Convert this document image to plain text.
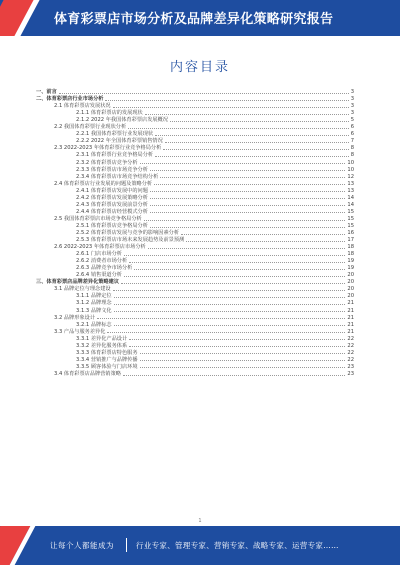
体育彩票店市场分析及品牌差异化策略研究报告
内容目录
一、前言	3
二、体育彩票店行业市场分析	3
2.1 体育彩票店发展状况	3
2.1.1 体育彩票店的发展现状	3
2.1.2 2022 年我国体育彩票店发展概况	5
2.2 我国体育彩票行业现状分析	6
2.2.1 我国体育彩票行业发展现状	6
2.2.2 2022 年全国体育彩票销售情况	7
2.3 2022-2023 年体育彩票行业竞争格局分析	8
2.3.1 体育彩票行业竞争格局分析	8
2.3.2 体育彩票店竞争分析	10
2.3.3 体育彩票店市场竞争分析	10
2.3.4 体育彩票店市场竞争结构分析	12
2.4 体育彩票店行业发展的问题及策略分析	13
2.4.1 体育彩票店发展中的问题	13
2.4.2 体育彩票店发展策略分析	14
2.4.3 体育彩票店发展前景分析	14
2.4.4 体育彩票店经营模式分析	15
2.5 我国体育彩票店市场竞争格局分析	15
2.5.1 体育彩票店竞争格局分析	15
2.5.2 体育彩票店发展与竞争的影响因素分析	16
2.5.3 体育彩票店市场未来发展趋势及前景预测	17
2.6 2022-2023 年体育彩票店市场分析	18
2.6.1 门店市场分析	18
2.6.2 消费者市场分析	19
2.6.3 品牌竞争市场分析	19
2.6.4 销售渠道分析	20
三、体育彩票店品牌差异化策略建议	20
3.1 品牌定位与理念建设	20
3.1.1 品牌定位	20
3.1.2 品牌理念	21
3.1.3 品牌文化	21
3.2 品牌形象设计	21
3.2.1 品牌标志	21
3.3 产品与服务差异化	21
3.3.1 差异化产品设计	22
3.3.2 差异化服务体系	22
3.3.3 体育彩票店特色服务	22
3.3.4 营销推广与品牌传播	22
3.3.5 顾客体验与门店环境	23
3.4 体育彩票店品牌营销策略	23
1
让每个人都能成为	行业专家、管理专家、营销专家、战略专家、运营专家……
